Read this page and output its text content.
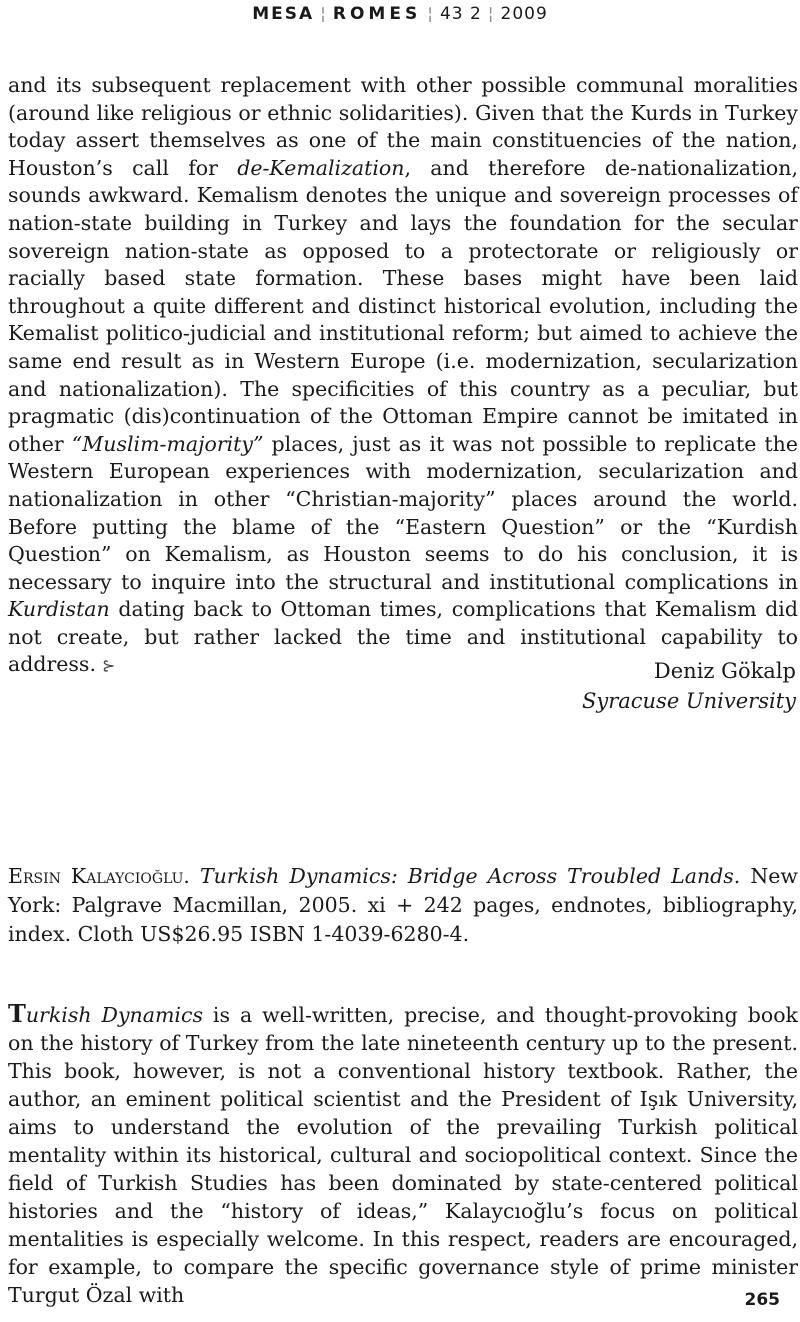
MESA ¦ ROMES ¦ 43 2 ¦ 2009

and its subsequent replacement with other possible communal moralities (around like religious or ethnic solidarities). Given that the Kurds in Turkey today assert themselves as one of the main constituencies of the nation, Houston’s call for de-Kemalization, and therefore de-nationalization, sounds awkward. Kemalism denotes the unique and sovereign processes of nation-state building in Turkey and lays the foundation for the secular sovereign nation-state as opposed to a protectorate or religiously or racially based state formation. These bases might have been laid throughout a quite different and distinct historical evolution, including the Kemalist politico-judicial and institutional reform; but aimed to achieve the same end result as in Western Europe (i.e. modernization, secularization and nationalization). The specificities of this country as a peculiar, but pragmatic (dis)continuation of the Ottoman Empire cannot be imitated in other “Muslim-majority” places, just as it was not possible to replicate the Western European experiences with modernization, secularization and nationalization in other “Christian-majority” places around the world. Before putting the blame of the “Eastern Question” or the “Kurdish Question” on Kemalism, as Houston seems to do his conclusion, it is necessary to inquire into the structural and institutional complications in Kurdistan dating back to Ottoman times, complications that Kemalism did not create, but rather lacked the time and institutional capability to address. ⊱	Deniz Gökalp
Syracuse University

Ersin Kalaycioğlu. Turkish Dynamics: Bridge Across Troubled Lands. New York: Palgrave Macmillan, 2005. xi + 242 pages, endnotes, bibliography, index. Cloth US$26.95 ISBN 1-4039-6280-4.

Turkish Dynamics is a well-written, precise, and thought-provoking book on the history of Turkey from the late nineteenth century up to the present. This book, however, is not a conventional history textbook. Rather, the author, an eminent political scientist and the President of Işık University, aims to understand the evolution of the prevailing Turkish political mentality within its historical, cultural and sociopolitical context. Since the field of Turkish Studies has been dominated by state-centered political histories and the “history of ideas,” Kalaycıoğlu’s focus on political mentalities is especially welcome. In this respect, readers are encouraged, for example, to compare the specific governance style of prime minister Turgut Özal with	265
